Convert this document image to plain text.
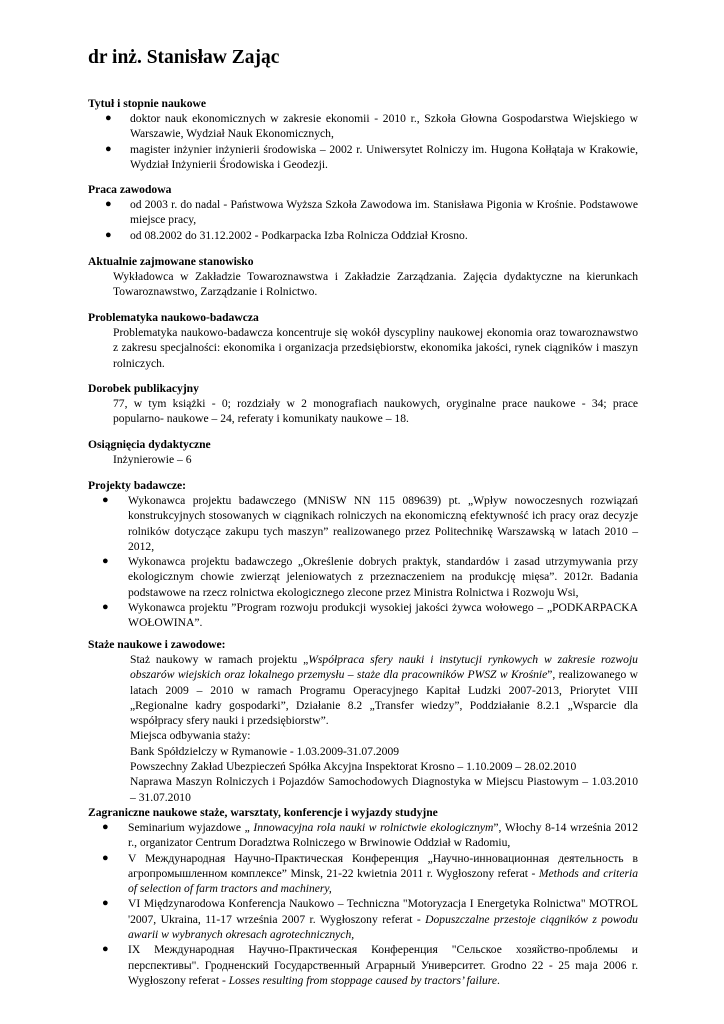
dr inż. Stanisław Zając
Tytuł i stopnie naukowe
● doktor nauk ekonomicznych w zakresie ekonomii - 2010 r., Szkoła Głowna Gospodarstwa Wiejskiego w Warszawie, Wydział Nauk Ekonomicznych,
● magister inżynier inżynierii środowiska – 2002 r. Uniwersytet Rolniczy im. Hugona Kołłątaja w Krakowie, Wydział Inżynierii Środowiska i Geodezji.
Praca zawodowa
● od 2003 r. do nadal - Państwowa Wyższa Szkoła Zawodowa im. Stanisława Pigonia w Krośnie. Podstawowe miejsce pracy,
● od 08.2002 do 31.12.2002 - Podkarpacka Izba Rolnicza Oddział Krosno.
Aktualnie zajmowane stanowisko
Wykładowca w Zakładzie Towaroznawstwa i Zakładzie Zarządzania. Zajęcia dydaktyczne na kierunkach Towaroznawstwo, Zarządzanie i Rolnictwo.
Problematyka naukowo-badawcza
Problematyka naukowo-badawcza koncentruje się wokół dyscypliny naukowej ekonomia oraz towaroznawstwo z zakresu specjalności: ekonomika i organizacja przedsiębiorstw, ekonomika jakości, rynek ciągników i maszyn rolniczych.
Dorobek publikacyjny
77, w tym książki - 0; rozdziały w 2 monografiach naukowych, oryginalne prace naukowe - 34; prace popularno- naukowe – 24, referaty i komunikaty naukowe – 18.
Osiągnięcia dydaktyczne
Inżynierowie – 6
Projekty badawcze:
● Wykonawca projektu badawczego (MNiSW NN 115 089639) pt. „Wpływ nowoczesnych rozwiązań konstrukcyjnych stosowanych w ciągnikach rolniczych na ekonomiczną efektywność ich pracy oraz decyzje rolników dotyczące zakupu tych maszyn” realizowanego przez Politechnikę Warszawską w latach 2010 – 2012,
● Wykonawca projektu badawczego „Określenie dobrych praktyk, standardów i zasad utrzymywania przy ekologicznym chowie zwierząt jeleniowatych z przeznaczeniem na produkcję mięsa”. 2012r. Badania podstawowe na rzecz rolnictwa ekologicznego zlecone przez Ministra Rolnictwa i Rozwoju Wsi,
● Wykonawca projektu ”Program rozwoju produkcji wysokiej jakości żywca wołowego – „PODKARPACKA WOŁOWINA”.
Staże naukowe i zawodowe:
Staż naukowy w ramach projektu „Współpraca sfery nauki i instytucji rynkowych w zakresie rozwoju obszarów wiejskich oraz lokalnego przemysłu – staże dla pracowników PWSZ w Krośnie”, realizowanego w latach 2009 – 2010 w ramach Programu Operacyjnego Kapitał Ludzki 2007-2013, Priorytet VIII „Regionalne kadry gospodarki”, Działanie 8.2 „Transfer wiedzy”, Poddziałanie 8.2.1 „Wsparcie dla współpracy sfery nauki i przedsiębiorstw”.
Miejsca odbywania staży:
Bank Spółdzielczy w Rymanowie - 1.03.2009-31.07.2009
Powszechny Zakład Ubezpieczeń Spółka Akcyjna Inspektorat Krosno – 1.10.2009 – 28.02.2010
Naprawa Maszyn Rolniczych i Pojazdów Samochodowych Diagnostyka w Miejscu Piastowym – 1.03.2010 – 31.07.2010
Zagraniczne naukowe staże, warsztaty, konferencje i wyjazdy studyjne
● Seminarium wyjazdowe „ Innowacyjna rola nauki w rolnictwie ekologicznym”, Włochy 8-14 września 2012 r., organizator Centrum Doradztwa Rolniczego w Brwinowie Oddział w Radomiu,
● V Международная Научно-Практическая Конференция „Научно-инновационная деятельность в агропромышленном комплексе” Minsk, 21-22 kwietnia 2011 r. Wygłoszony referat - Methods and criteria of selection of farm tractors and machinery,
● VI Międzynarodowa Konferencja Naukowo – Techniczna "Motoryzacja I Energetyka Rolnictwa" MOTROL '2007, Ukraina, 11-17 września 2007 r. Wygłoszony referat - Dopuszczalne przestoje ciągników z powodu awarii w wybranych okresach agrotechnicznych,
● IX Международная Научно-Практическая Конференция "Сельское хозяйство-проблемы и перспективы". Гродненский Государственный Аграрный Университет. Grodno 22 - 25 maja 2006 r. Wygłoszony referat - Losses resulting from stoppage caused by tractors’ failure.
